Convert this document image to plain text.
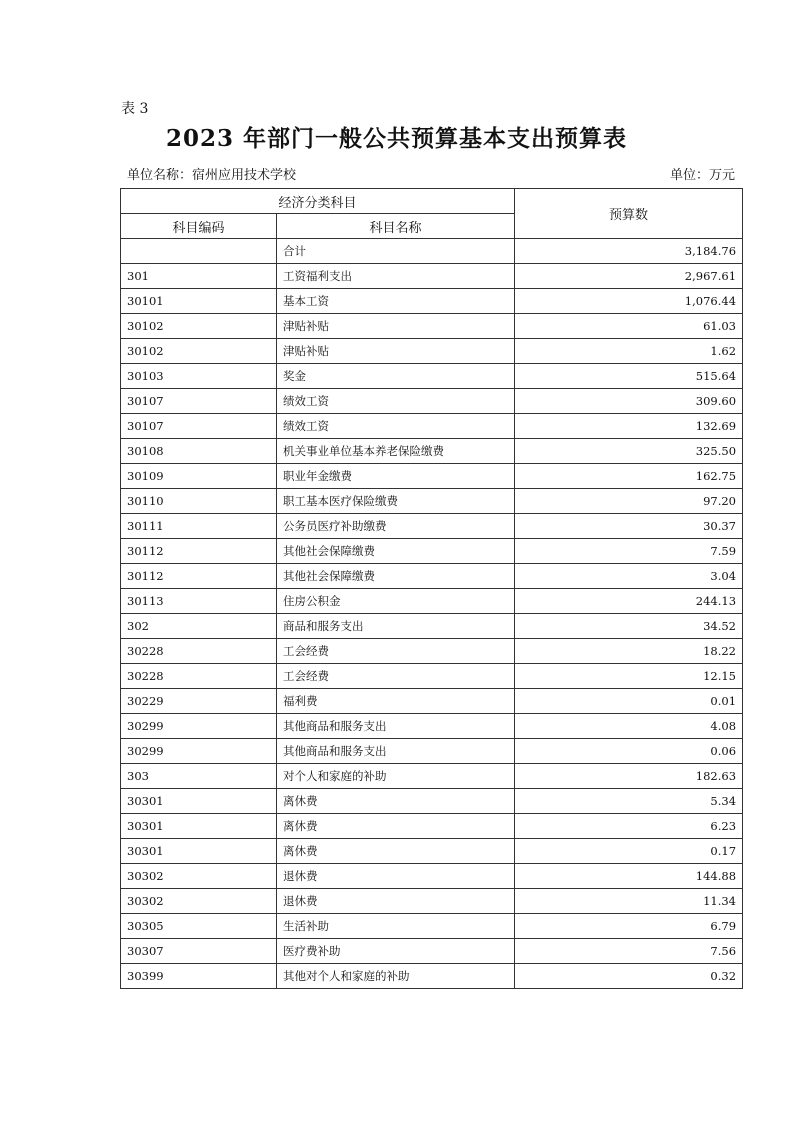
表 3
2023 年部门一般公共预算基本支出预算表
单位名称：宿州应用技术学校	单位：万元
经济分类科目		预算数
科目编码	科目名称	
	合计	3,184.76
301	工资福利支出	2,967.61
30101	基本工资	1,076.44
30102	津贴补贴	61.03
30102	津贴补贴	1.62
30103	奖金	515.64
30107	绩效工资	309.60
30107	绩效工资	132.69
30108	机关事业单位基本养老保险缴费	325.50
30109	职业年金缴费	162.75
30110	职工基本医疗保险缴费	97.20
30111	公务员医疗补助缴费	30.37
30112	其他社会保障缴费	7.59
30112	其他社会保障缴费	3.04
30113	住房公积金	244.13
302	商品和服务支出	34.52
30228	工会经费	18.22
30228	工会经费	12.15
30229	福利费	0.01
30299	其他商品和服务支出	4.08
30299	其他商品和服务支出	0.06
303	对个人和家庭的补助	182.63
30301	离休费	5.34
30301	离休费	6.23
30301	离休费	0.17
30302	退休费	144.88
30302	退休费	11.34
30305	生活补助	6.79
30307	医疗费补助	7.56
30399	其他对个人和家庭的补助	0.32
